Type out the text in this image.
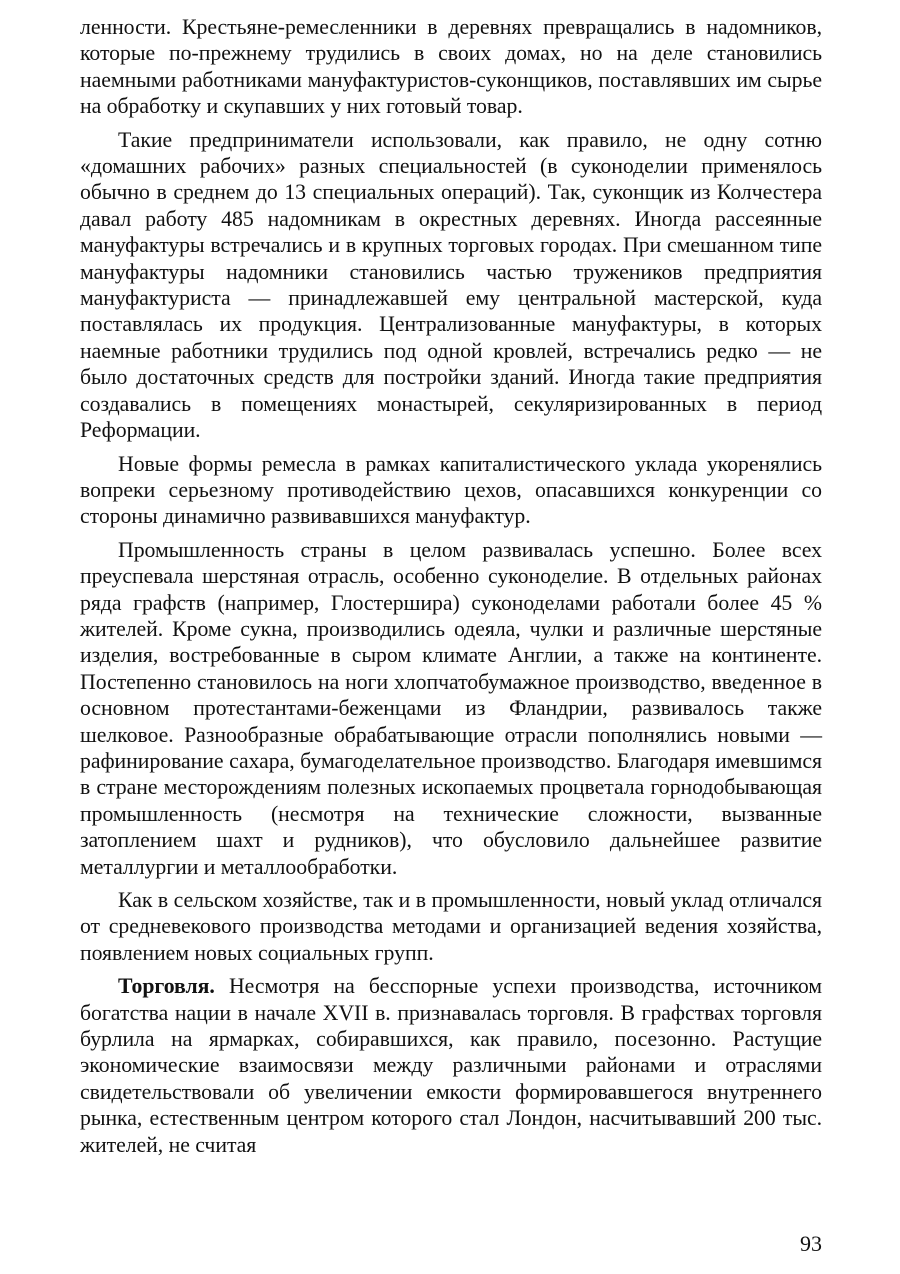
ленности. Крестьяне-ремесленники в деревнях превращались в надомников, которые по-прежнему трудились в своих домах, но на деле становились наемными работниками мануфактуристов-суконщиков, поставлявших им сырье на обработку и скупавших у них готовый товар.

Такие предприниматели использовали, как правило, не одну сотню «домашних рабочих» разных специальностей (в суконоделии применялось обычно в среднем до 13 специальных операций). Так, суконщик из Колчестера давал работу 485 надомникам в окрестных деревнях. Иногда рассеянные мануфактуры встречались и в крупных торговых городах. При смешанном типе мануфактуры надомники становились частью тружеников предприятия мануфактуриста — принадлежавшей ему центральной мастерской, куда поставлялась их продукция. Централизованные мануфактуры, в которых наемные работники трудились под одной кровлей, встречались редко — не было достаточных средств для постройки зданий. Иногда такие предприятия создавались в помещениях монастырей, секуляризированных в период Реформации.

Новые формы ремесла в рамках капиталистического уклада укоренялись вопреки серьезному противодействию цехов, опасавшихся конкуренции со стороны динамично развивавшихся мануфактур.

Промышленность страны в целом развивалась успешно. Более всех преуспевала шерстяная отрасль, особенно суконоделие. В отдельных районах ряда графств (например, Глостершира) суконоделами работали более 45 % жителей. Кроме сукна, производились одеяла, чулки и различные шерстяные изделия, востребованные в сыром климате Англии, а также на континенте. Постепенно становилось на ноги хлопчатобумажное производство, введенное в основном протестантами-беженцами из Фландрии, развивалось также шелковое. Разнообразные обрабатывающие отрасли пополнялись новыми — рафинирование сахара, бумагоделательное производство. Благодаря имевшимся в стране месторождениям полезных ископаемых процветала горнодобывающая промышленность (несмотря на технические сложности, вызванные затоплением шахт и рудников), что обусловило дальнейшее развитие металлургии и металлообработки.

Как в сельском хозяйстве, так и в промышленности, новый уклад отличался от средневекового производства методами и организацией ведения хозяйства, появлением новых социальных групп.

Торговля. Несмотря на бесспорные успехи производства, источником богатства нации в начале XVII в. признавалась торговля. В графствах торговля бурлила на ярмарках, собиравшихся, как правило, посезонно. Растущие экономические взаимосвязи между различными районами и отраслями свидетельствовали об увеличении емкости формировавшегося внутреннего рынка, естественным центром которого стал Лондон, насчитывавший 200 тыс. жителей, не считая

93
